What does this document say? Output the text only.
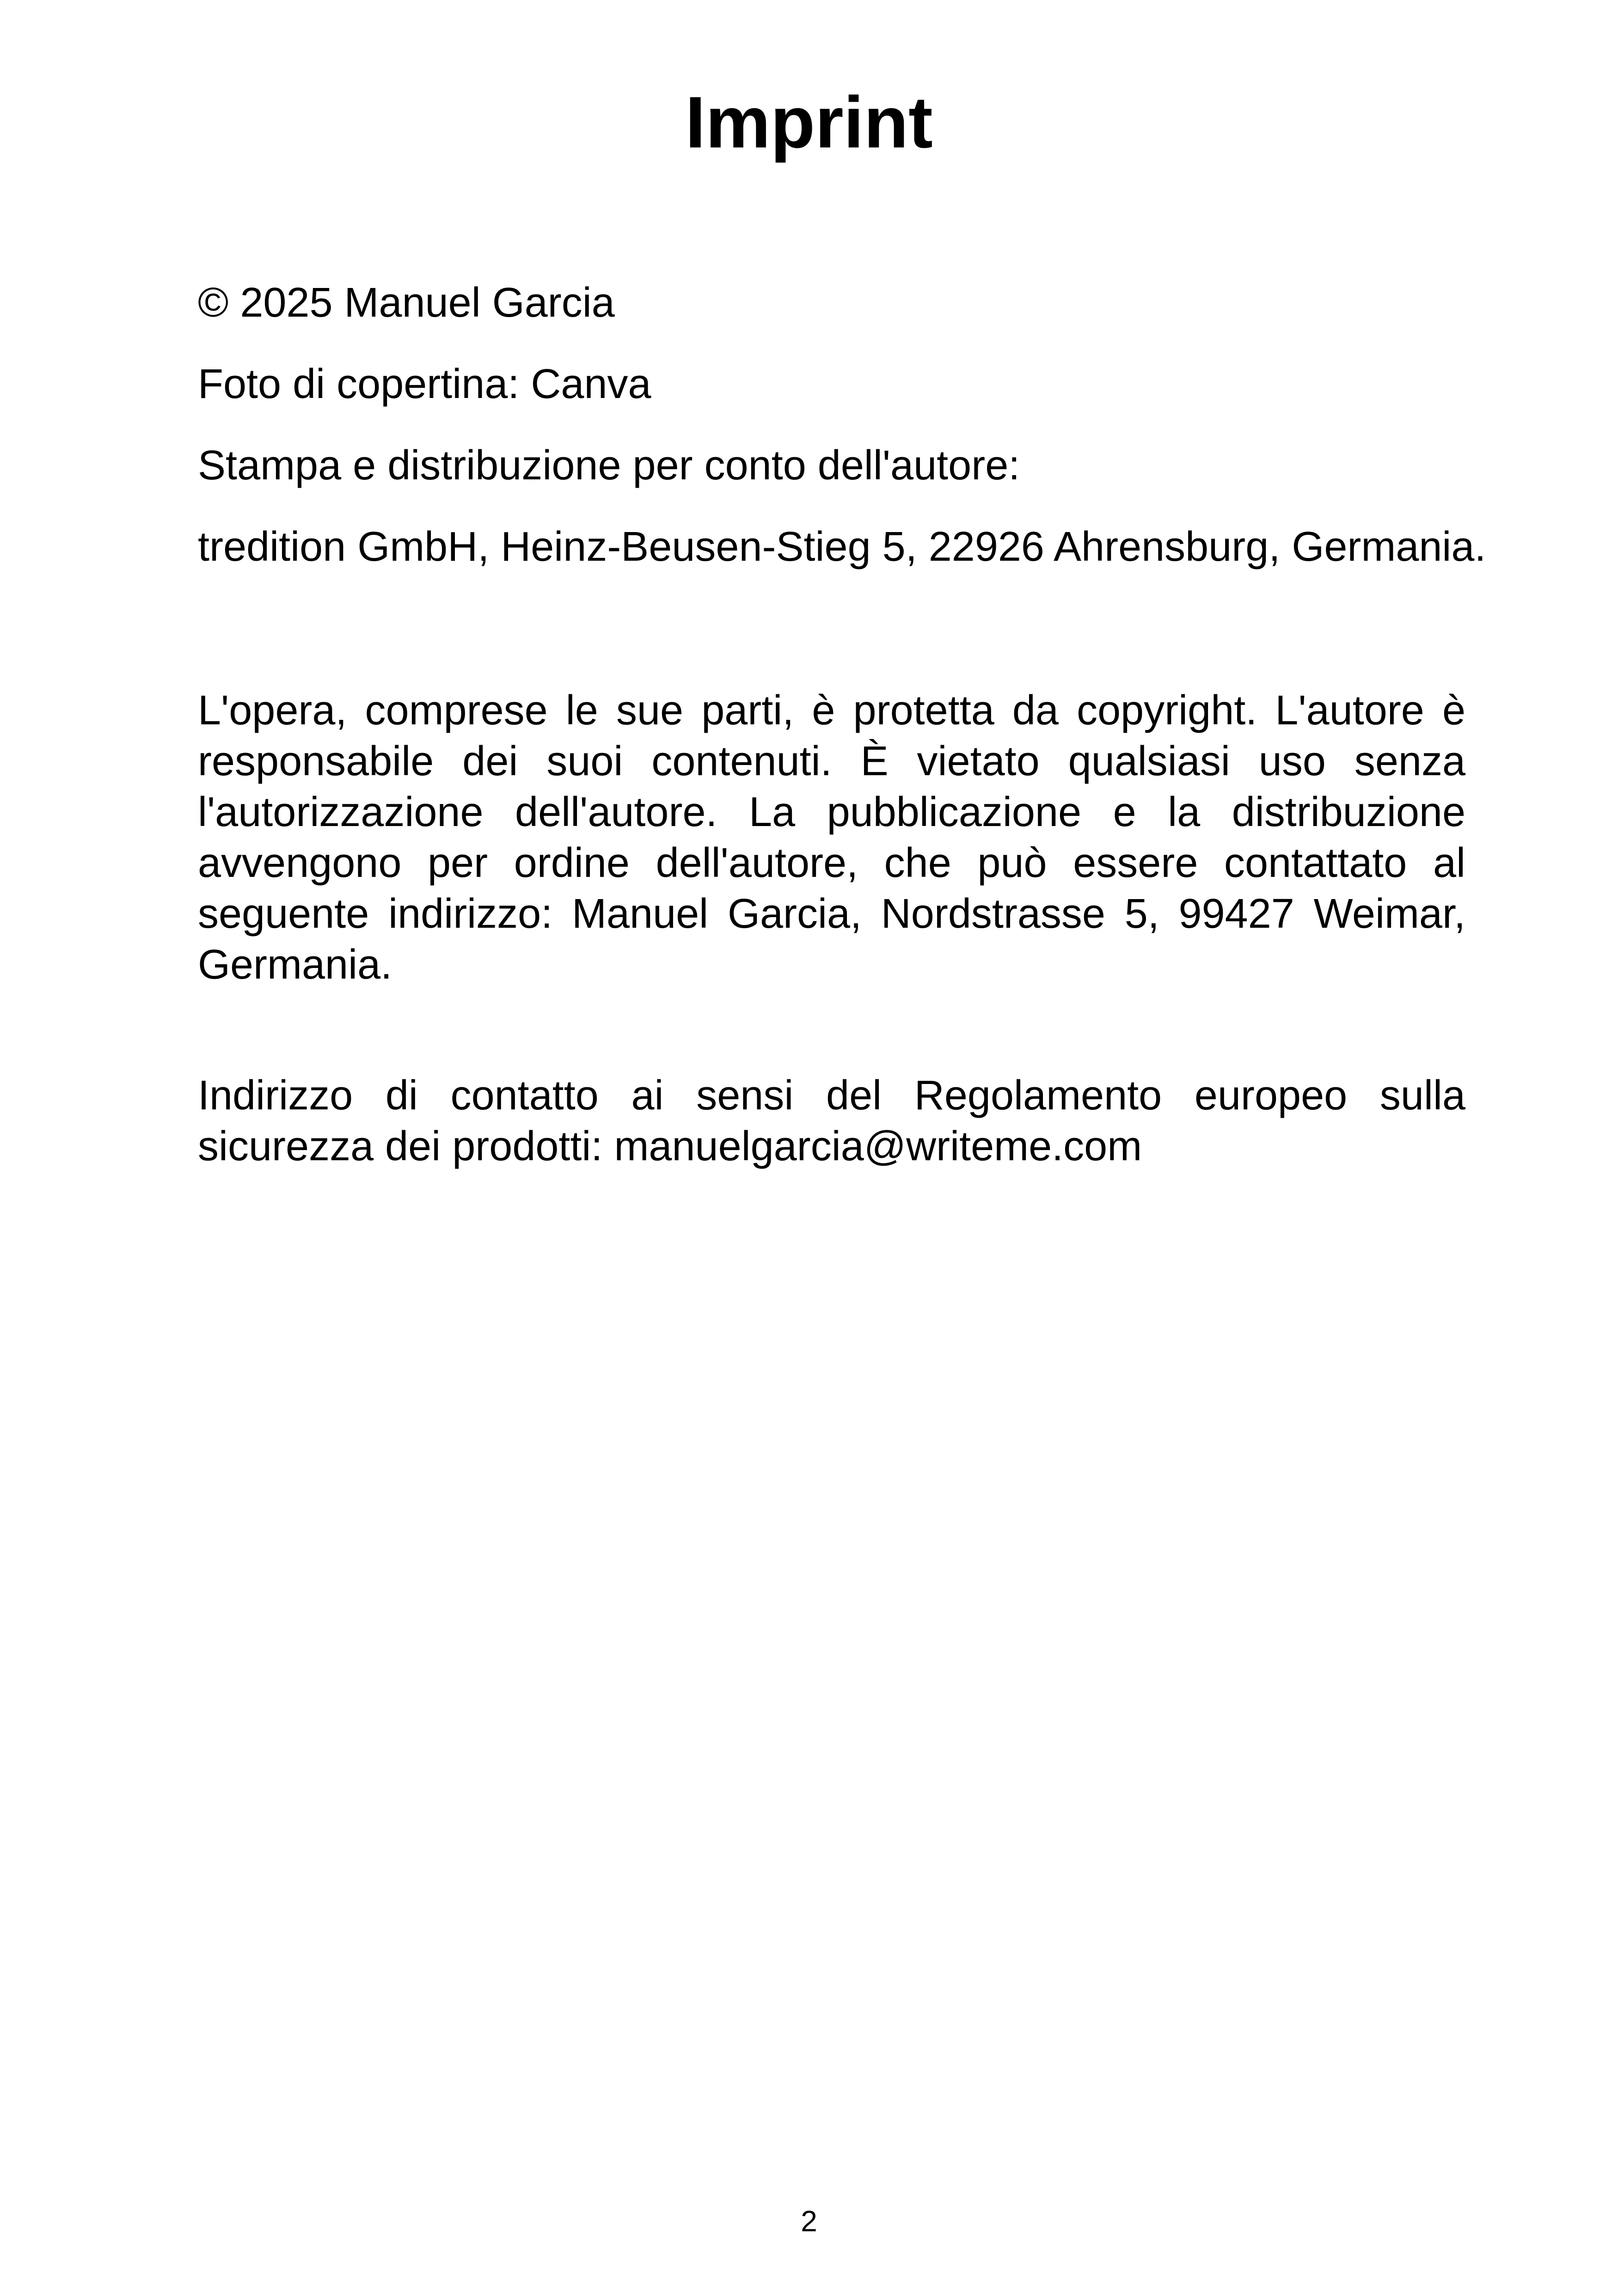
Imprint

© 2025 Manuel Garcia

Foto di copertina: Canva

Stampa e distribuzione per conto dell'autore:

tredition GmbH, Heinz-Beusen-Stieg 5, 22926 Ahrensburg, Germania.

L'opera, comprese le sue parti, è protetta da copyright. L'autore è responsabile dei suoi contenuti. È vietato qualsiasi uso senza l'autorizzazione dell'autore. La pubblicazione e la distribuzione avvengono per ordine dell'autore, che può essere contattato al seguente indirizzo: Manuel Garcia, Nordstrasse 5, 99427 Weimar, Germania.

Indirizzo di contatto ai sensi del Regolamento europeo sulla sicurezza dei prodotti: manuelgarcia@writeme.com

2
